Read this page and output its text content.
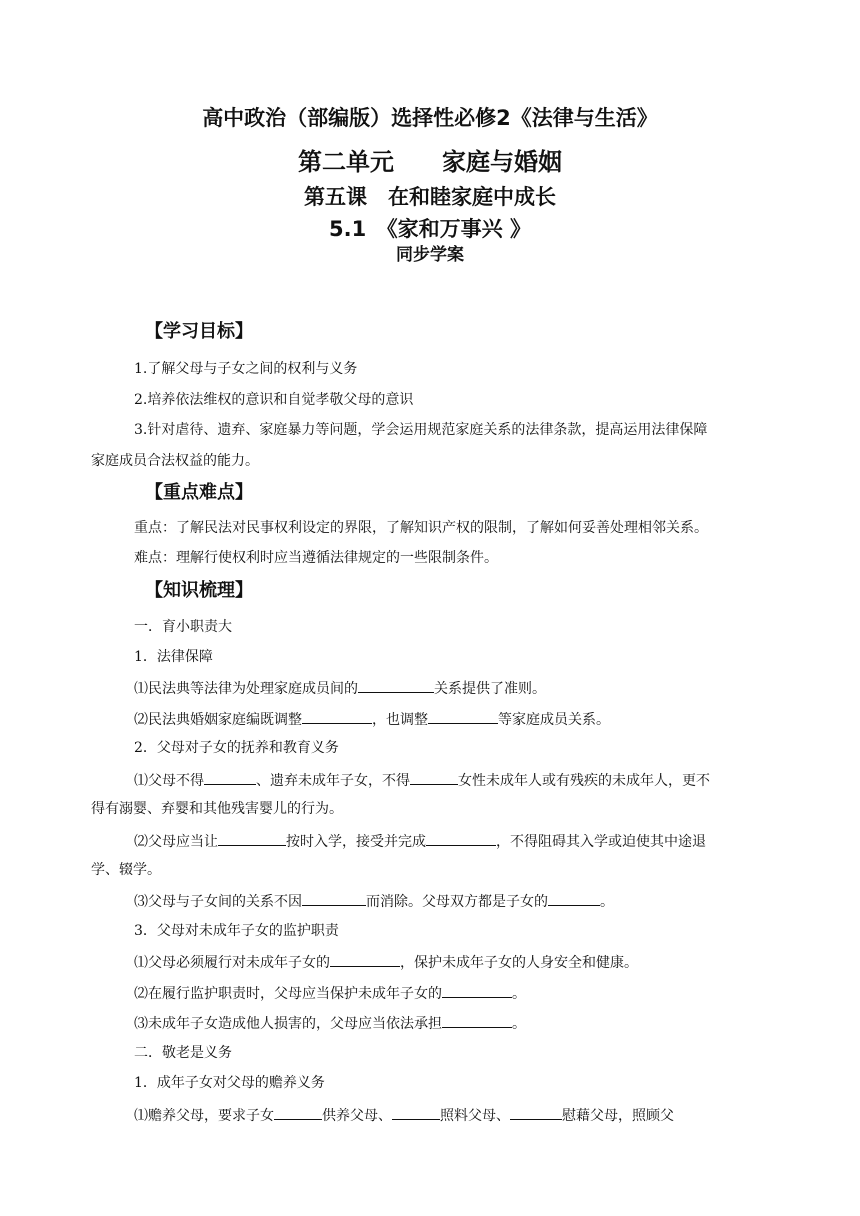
高中政治（部编版）选择性必修2《法律与生活》
第二单元　　家庭与婚姻
第五课　在和睦家庭中成长
5.1　《家和万事兴 》
同步学案
【学习目标】
1.了解父母与子女之间的权利与义务
2.培养依法维权的意识和自觉孝敬父母的意识
3.针对虐待、遗弃、家庭暴力等问题，学会运用规范家庭关系的法律条款，提高运用法律保障
家庭成员合法权益的能力。
【重点难点】
重点：了解民法对民事权利设定的界限，了解知识产权的限制，了解如何妥善处理相邻关系。
难点：理解行使权利时应当遵循法律规定的一些限制条件。
【知识梳理】
一．育小职责大
1．法律保障
⑴民法典等法律为处理家庭成员间的	关系提供了准则。
⑵民法典婚姻家庭编既调整	，也调整	等家庭成员关系。
2．父母对子女的抚养和教育义务
⑴父母不得	、遗弃未成年子女，不得	女性未成年人或有残疾的未成年人，更不
得有溺婴、弃婴和其他残害婴儿的行为。
⑵父母应当让	按时入学，接受并完成	，不得阻碍其入学或迫使其中途退
学、辍学。
⑶父母与子女间的关系不因	而消除。父母双方都是子女的	。
3．父母对未成年子女的监护职责
⑴父母必须履行对未成年子女的	，保护未成年子女的人身安全和健康。
⑵在履行监护职责时，父母应当保护未成年子女的	。
⑶未成年子女造成他人损害的，父母应当依法承担	。
二．敬老是义务
1．成年子女对父母的赡养义务
⑴赡养父母，要求子女	供养父母、	照料父母、	慰藉父母，照顾父
